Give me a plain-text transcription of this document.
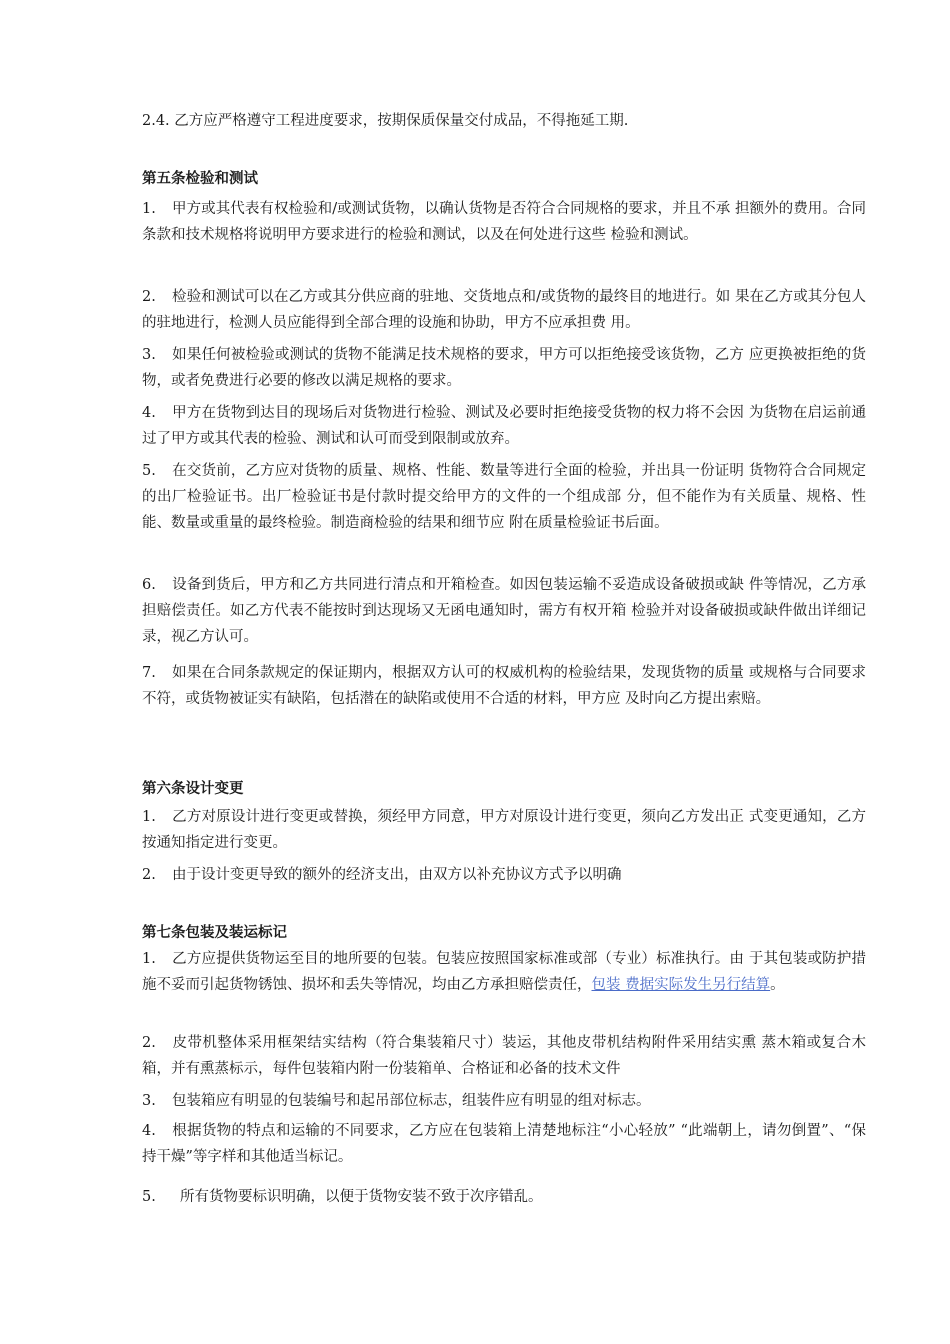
2.4. 乙方应严格遵守工程进度要求，按期保质保量交付成品，不得拖延工期.
第五条检验和测试
1. 甲方或其代表有权检验和/或测试货物，以确认货物是否符合合同规格的要求，并且不承 担额外的费用。合同条款和技术规格将说明甲方要求进行的检验和测试，以及在何处进行这些 检验和测试。
2. 检验和测试可以在乙方或其分供应商的驻地、交货地点和/或货物的最终目的地进行。如 果在乙方或其分包人的驻地进行，检测人员应能得到全部合理的设施和协助，甲方不应承担费 用。
3. 如果任何被检验或测试的货物不能满足技术规格的要求，甲方可以拒绝接受该货物，乙方 应更换被拒绝的货物，或者免费进行必要的修改以满足规格的要求。
4. 甲方在货物到达目的现场后对货物进行检验、测试及必要时拒绝接受货物的权力将不会因 为货物在启运前通过了甲方或其代表的检验、测试和认可而受到限制或放弃。
5. 在交货前，乙方应对货物的质量、规格、性能、数量等进行全面的检验，并出具一份证明 货物符合合同规定的出厂检验证书。出厂检验证书是付款时提交给甲方的文件的一个组成部 分，但不能作为有关质量、规格、性能、数量或重量的最终检验。制造商检验的结果和细节应 附在质量检验证书后面。
6. 设备到货后，甲方和乙方共同进行清点和开箱检查。如因包装运输不妥造成设备破损或缺 件等情况，乙方承担赔偿责任。如乙方代表不能按时到达现场又无函电通知时，需方有权开箱 检验并对设备破损或缺件做出详细记录，视乙方认可。
7. 如果在合同条款规定的保证期内，根据双方认可的权威机构的检验结果，发现货物的质量 或规格与合同要求不符，或货物被证实有缺陷，包括潜在的缺陷或使用不合适的材料，甲方应 及时向乙方提出索赔。
第六条设计变更
1. 乙方对原设计进行变更或替换，须经甲方同意，甲方对原设计进行变更，须向乙方发出正 式变更通知，乙方按通知指定进行变更。
2. 由于设计变更导致的额外的经济支出，由双方以补充协议方式予以明确
第七条包装及装运标记
1. 乙方应提供货物运至目的地所要的包装。包装应按照国家标准或部（专业）标准执行。由 于其包装或防护措施不妥而引起货物锈蚀、损坏和丢失等情况，均由乙方承担赔偿责任，包装 费据实际发生另行结算。
2. 皮带机整体采用框架结实结构（符合集装箱尺寸）装运，其他皮带机结构附件采用结实熏 蒸木箱或复合木箱，并有熏蒸标示，每件包装箱内附一份装箱单、合格证和必备的技术文件
3. 包装箱应有明显的包装编号和起吊部位标志，组装件应有明显的组对标志。
4. 根据货物的特点和运输的不同要求，乙方应在包装箱上清楚地标注“小心轻放” “此端朝上，请勿倒置”、“保持干燥”等字样和其他适当标记。
5. 所有货物要标识明确，以便于货物安装不致于次序错乱。
